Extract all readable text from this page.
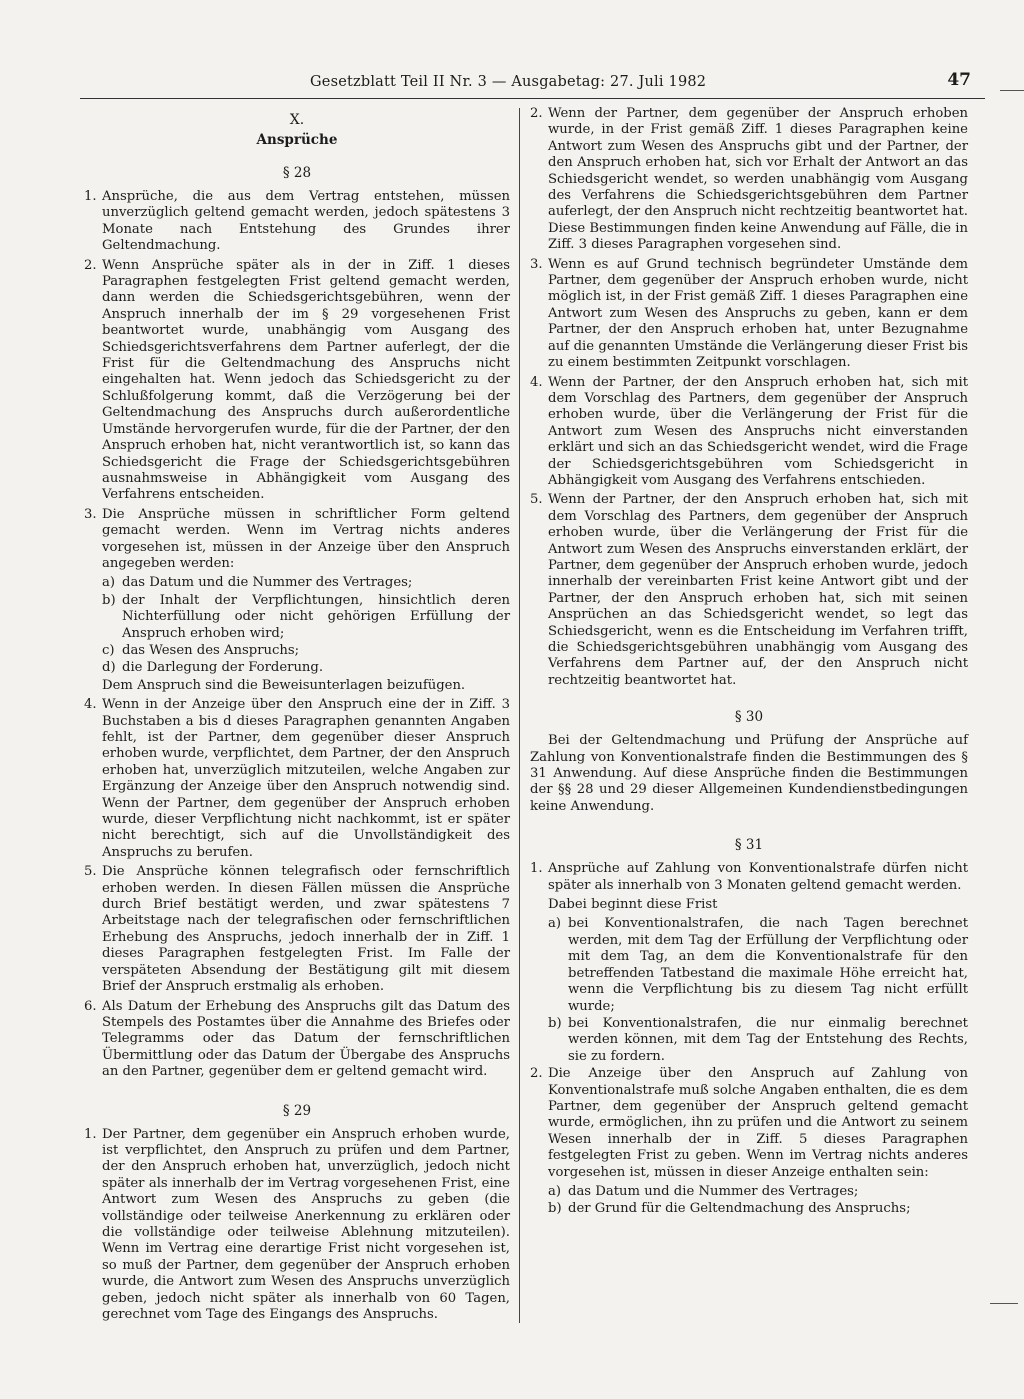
Gesetzblatt Teil II Nr. 3 — Ausgabetag: 27. Juli 1982	47

X.

Ansprüche

§ 28

1. Ansprüche, die aus dem Vertrag entstehen, müssen unverzüglich geltend gemacht werden, jedoch spätestens 3 Monate nach Entstehung des Grundes ihrer Geltendmachung.
2. Wenn Ansprüche später als in der in Ziff. 1 dieses Paragraphen festgelegten Frist geltend gemacht werden, dann werden die Schiedsgerichtsgebühren, wenn der Anspruch innerhalb der im § 29 vorgesehenen Frist beantwortet wurde, unabhängig vom Ausgang des Schiedsgerichtsverfahrens dem Partner auferlegt, der die Frist für die Geltendmachung des Anspruchs nicht eingehalten hat. Wenn jedoch das Schiedsgericht zu der Schlußfolgerung kommt, daß die Verzögerung bei der Geltendmachung des Anspruchs durch außerordentliche Umstände hervorgerufen wurde, für die der Partner, der den Anspruch erhoben hat, nicht verantwortlich ist, so kann das Schiedsgericht die Frage der Schiedsgerichtsgebühren ausnahmsweise in Abhängigkeit vom Ausgang des Verfahrens entscheiden.
3. Die Ansprüche müssen in schriftlicher Form geltend gemacht werden. Wenn im Vertrag nichts anderes vorgesehen ist, müssen in der Anzeige über den Anspruch angegeben werden:
a) das Datum und die Nummer des Vertrages;
b) der Inhalt der Verpflichtungen, hinsichtlich deren Nichterfüllung oder nicht gehörigen Erfüllung der Anspruch erhoben wird;
c) das Wesen des Anspruchs;
d) die Darlegung der Forderung.

Dem Anspruch sind die Beweisunterlagen beizufügen.

4. Wenn in der Anzeige über den Anspruch eine der in Ziff. 3 Buchstaben a bis d dieses Paragraphen genannten Angaben fehlt, ist der Partner, dem gegenüber dieser Anspruch erhoben wurde, verpflichtet, dem Partner, der den Anspruch erhoben hat, unverzüglich mitzuteilen, welche Angaben zur Ergänzung der Anzeige über den Anspruch notwendig sind. Wenn der Partner, dem gegenüber der Anspruch erhoben wurde, dieser Verpflichtung nicht nachkommt, ist er später nicht berechtigt, sich auf die Unvollständigkeit des Anspruchs zu berufen.
5. Die Ansprüche können telegrafisch oder fernschriftlich erhoben werden. In diesen Fällen müssen die Ansprüche durch Brief bestätigt werden, und zwar spätestens 7 Arbeitstage nach der telegrafischen oder fernschriftlichen Erhebung des Anspruchs, jedoch innerhalb der in Ziff. 1 dieses Paragraphen festgelegten Frist. Im Falle der verspäteten Absendung der Bestätigung gilt mit diesem Brief der Anspruch erstmalig als erhoben.
6. Als Datum der Erhebung des Anspruchs gilt das Datum des Stempels des Postamtes über die Annahme des Briefes oder Telegramms oder das Datum der fernschriftlichen Übermittlung oder das Datum der Übergabe des Anspruchs an den Partner, gegenüber dem er geltend gemacht wird.

§ 29

1. Der Partner, dem gegenüber ein Anspruch erhoben wurde, ist verpflichtet, den Anspruch zu prüfen und dem Partner, der den Anspruch erhoben hat, unverzüglich, jedoch nicht später als innerhalb der im Vertrag vorgesehenen Frist, eine Antwort zum Wesen des Anspruchs zu geben (die vollständige oder teilweise Anerkennung zu erklären oder die vollständige oder teilweise Ablehnung mitzuteilen). Wenn im Vertrag eine derartige Frist nicht vorgesehen ist, so muß der Partner, dem gegenüber der Anspruch erhoben wurde, die Antwort zum Wesen des Anspruchs unverzüglich geben, jedoch nicht später als innerhalb von 60 Tagen, gerechnet vom Tage des Eingangs des Anspruchs.
2. Wenn der Partner, dem gegenüber der Anspruch erhoben wurde, in der Frist gemäß Ziff. 1 dieses Paragraphen keine Antwort zum Wesen des Anspruchs gibt und der Partner, der den Anspruch erhoben hat, sich vor Erhalt der Antwort an das Schiedsgericht wendet, so werden unabhängig vom Ausgang des Verfahrens die Schiedsgerichtsgebühren dem Partner auferlegt, der den Anspruch nicht rechtzeitig beantwortet hat. Diese Bestimmungen finden keine Anwendung auf Fälle, die in Ziff. 3 dieses Paragraphen vorgesehen sind.
3. Wenn es auf Grund technisch begründeter Umstände dem Partner, dem gegenüber der Anspruch erhoben wurde, nicht möglich ist, in der Frist gemäß Ziff. 1 dieses Paragraphen eine Antwort zum Wesen des Anspruchs zu geben, kann er dem Partner, der den Anspruch erhoben hat, unter Bezugnahme auf die genannten Umstände die Verlängerung dieser Frist bis zu einem bestimmten Zeitpunkt vorschlagen.
4. Wenn der Partner, der den Anspruch erhoben hat, sich mit dem Vorschlag des Partners, dem gegenüber der Anspruch erhoben wurde, über die Verlängerung der Frist für die Antwort zum Wesen des Anspruchs nicht einverstanden erklärt und sich an das Schiedsgericht wendet, wird die Frage der Schiedsgerichtsgebühren vom Schiedsgericht in Abhängigkeit vom Ausgang des Verfahrens entschieden.
5. Wenn der Partner, der den Anspruch erhoben hat, sich mit dem Vorschlag des Partners, dem gegenüber der Anspruch erhoben wurde, über die Verlängerung der Frist für die Antwort zum Wesen des Anspruchs einverstanden erklärt, der Partner, dem gegenüber der Anspruch erhoben wurde, jedoch innerhalb der vereinbarten Frist keine Antwort gibt und der Partner, der den Anspruch erhoben hat, sich mit seinen Ansprüchen an das Schiedsgericht wendet, so legt das Schiedsgericht, wenn es die Entscheidung im Verfahren trifft, die Schiedsgerichtsgebühren unabhängig vom Ausgang des Verfahrens dem Partner auf, der den Anspruch nicht rechtzeitig beantwortet hat.

§ 30

Bei der Geltendmachung und Prüfung der Ansprüche auf Zahlung von Konventionalstrafe finden die Bestimmungen des § 31 Anwendung. Auf diese Ansprüche finden die Bestimmungen der §§ 28 und 29 dieser Allgemeinen Kundendienstbedingungen keine Anwendung.

§ 31

1. Ansprüche auf Zahlung von Konventionalstrafe dürfen nicht später als innerhalb von 3 Monaten geltend gemacht werden.

Dabei beginnt diese Frist

a) bei Konventionalstrafen, die nach Tagen berechnet werden, mit dem Tag der Erfüllung der Verpflichtung oder mit dem Tag, an dem die Konventionalstrafe für den betreffenden Tatbestand die maximale Höhe erreicht hat, wenn die Verpflichtung bis zu diesem Tag nicht erfüllt wurde;
b) bei Konventionalstrafen, die nur einmalig berechnet werden können, mit dem Tag der Entstehung des Rechts, sie zu fordern.
2. Die Anzeige über den Anspruch auf Zahlung von Konventionalstrafe muß solche Angaben enthalten, die es dem Partner, dem gegenüber der Anspruch geltend gemacht wurde, ermöglichen, ihn zu prüfen und die Antwort zu seinem Wesen innerhalb der in Ziff. 5 dieses Paragraphen festgelegten Frist zu geben. Wenn im Vertrag nichts anderes vorgesehen ist, müssen in dieser Anzeige enthalten sein:
a) das Datum und die Nummer des Vertrages;
b) der Grund für die Geltendmachung des Anspruchs;
